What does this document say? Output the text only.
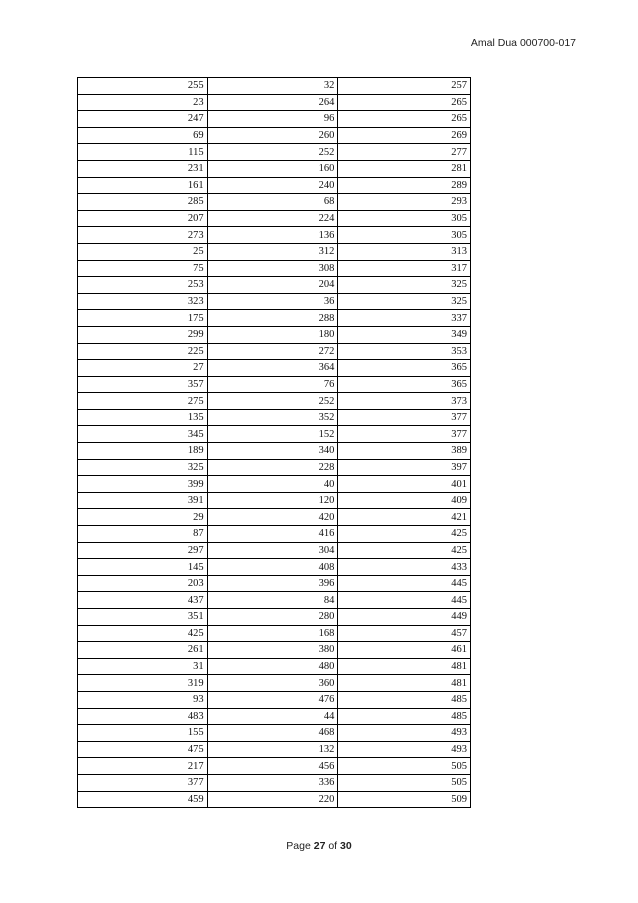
Amal Dua 000700-017
255	32	257
23	264	265
247	96	265
69	260	269
115	252	277
231	160	281
161	240	289
285	68	293
207	224	305
273	136	305
25	312	313
75	308	317
253	204	325
323	36	325
175	288	337
299	180	349
225	272	353
27	364	365
357	76	365
275	252	373
135	352	377
345	152	377
189	340	389
325	228	397
399	40	401
391	120	409
29	420	421
87	416	425
297	304	425
145	408	433
203	396	445
437	84	445
351	280	449
425	168	457
261	380	461
31	480	481
319	360	481
93	476	485
483	44	485
155	468	493
475	132	493
217	456	505
377	336	505
459	220	509
Page 27 of 30
